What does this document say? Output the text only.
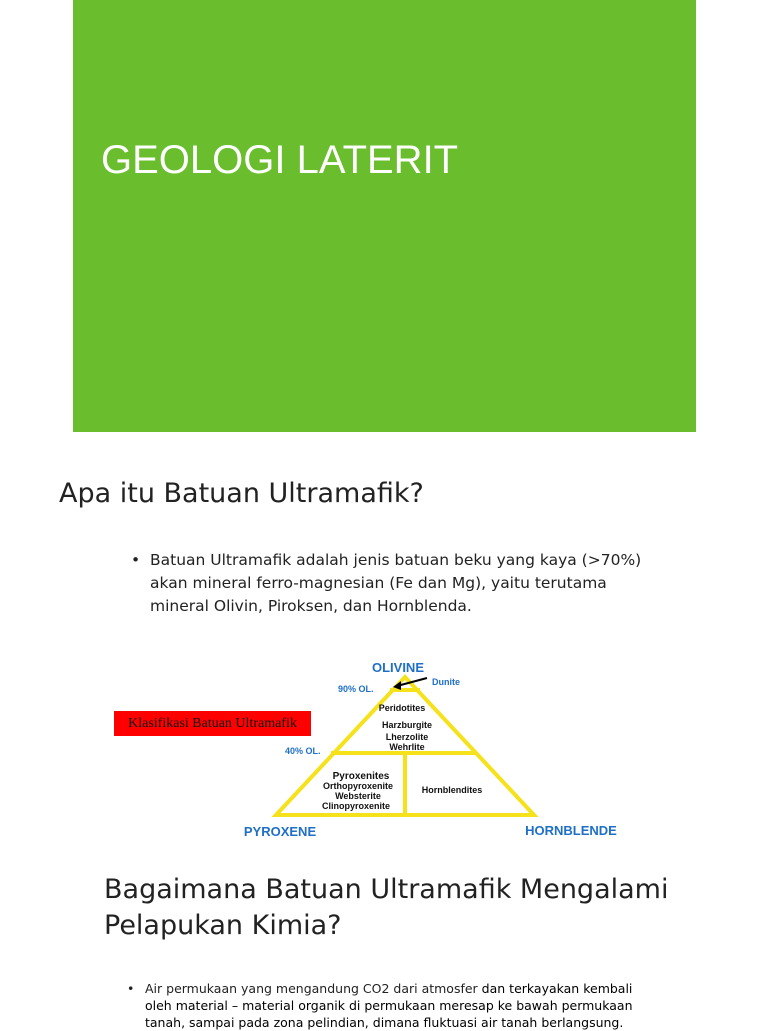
GEOLOGI LATERIT
Apa itu Batuan Ultramafik?
• Batuan Ultramafik adalah jenis batuan beku yang kaya (>70%) akan mineral ferro-magnesian (Fe dan Mg), yaitu terutama mineral Olivin, Piroksen, dan Hornblenda.
Klasifikasi Batuan Ultramafik
OLIVINE
PYROXENE	HORNBLENDE
90% OL.
40% OL.
Dunite
Peridotites
Harzburgite
Lherzolite
Wehrlite
Pyroxenites
Orthopyroxenite
Websterite
Clinopyroxenite
Hornblendites
Bagaimana Batuan Ultramafik Mengalami Pelapukan Kimia?
• Air permukaan yang mengandung CO2 dari atmosfer dan terkayakan kembali oleh material – material organik di permukaan meresap ke bawah permukaan tanah, sampai pada zona pelindian, dimana fluktuasi air tanah berlangsung.
